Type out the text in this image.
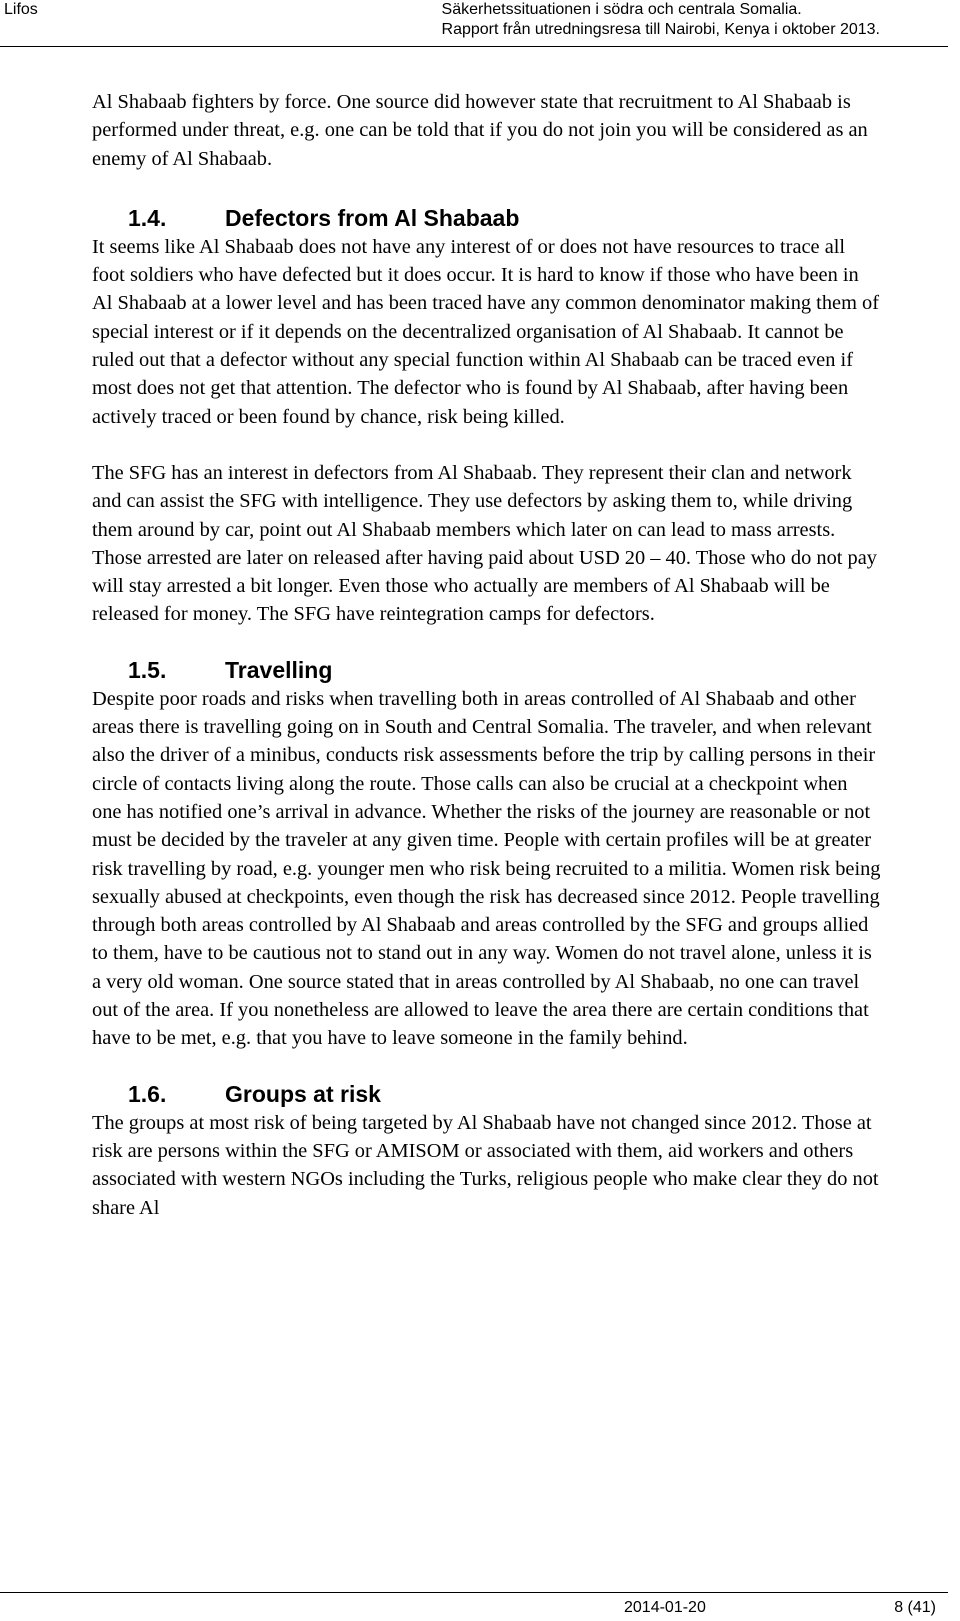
Lifos	Säkerhetssituationen i södra och centrala Somalia.
Rapport från utredningsresa till Nairobi, Kenya i oktober 2013.

Al Shabaab fighters by force. One source did however state that recruitment to Al Shabaab is performed under threat, e.g. one can be told that if you do not join you will be considered as an enemy of Al Shabaab.

1.4.	Defectors from Al Shabaab

It seems like Al Shabaab does not have any interest of or does not have resources to trace all foot soldiers who have defected but it does occur. It is hard to know if those who have been in Al Shabaab at a lower level and has been traced have any common denominator making them of special interest or if it depends on the decentralized organisation of Al Shabaab. It cannot be ruled out that a defector without any special function within Al Shabaab can be traced even if most does not get that attention. The defector who is found by Al Shabaab, after having been actively traced or been found by chance, risk being killed.

The SFG has an interest in defectors from Al Shabaab. They represent their clan and network and can assist the SFG with intelligence. They use defectors by asking them to, while driving them around by car, point out Al Shabaab members which later on can lead to mass arrests. Those arrested are later on released after having paid about USD 20 – 40. Those who do not pay will stay arrested a bit longer. Even those who actually are members of Al Shabaab will be released for money. The SFG have reintegration camps for defectors.

1.5.	Travelling

Despite poor roads and risks when travelling both in areas controlled of Al Shabaab and other areas there is travelling going on in South and Central Somalia. The traveler, and when relevant also the driver of a minibus, conducts risk assessments before the trip by calling persons in their circle of contacts living along the route. Those calls can also be crucial at a checkpoint when one has notified one’s arrival in advance. Whether the risks of the journey are reasonable or not must be decided by the traveler at any given time. People with certain profiles will be at greater risk travelling by road, e.g. younger men who risk being recruited to a militia. Women risk being sexually abused at checkpoints, even though the risk has decreased since 2012. People travelling through both areas controlled by Al Shabaab and areas controlled by the SFG and groups allied to them, have to be cautious not to stand out in any way. Women do not travel alone, unless it is a very old woman. One source stated that in areas controlled by Al Shabaab, no one can travel out of the area. If you nonetheless are allowed to leave the area there are certain conditions that have to be met, e.g. that you have to leave someone in the family behind.

1.6.	Groups at risk

The groups at most risk of being targeted by Al Shabaab have not changed since 2012. Those at risk are persons within the SFG or AMISOM or associated with them, aid workers and others associated with western NGOs including the Turks, religious people who make clear they do not share Al

2014-01-20	8 (41)
